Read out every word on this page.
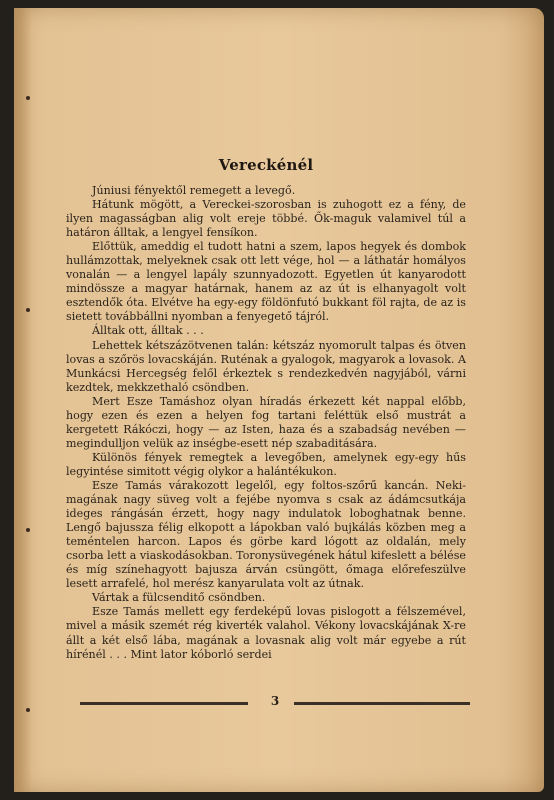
Vereckénél

Júniusi fényektől remegett a levegő.

Hátunk mögött, a Vereckei-szorosban is zuhogott ez a fény, de ilyen magasságban alig volt ereje többé. Ők-maguk valamivel túl a határon álltak, a lengyel fensíkon.

Előttük, ameddig el tudott hatni a szem, lapos hegyek és dombok hullámzottak, melyeknek csak ott lett vége, hol — a láthatár homályos vonalán — a lengyel lapály szunnyadozott. Egyetlen út kanyarodott mindössze a magyar határnak, hanem az az út is elhanyagolt volt esztendők óta. Elvétve ha egy-egy földönfutó bukkant föl rajta, de az is sietett továbbállni nyomban a fenyegető tájról.

Álltak ott, álltak . . .

Lehettek kétszázötvenen talán: kétszáz nyomorult talpas és ötven lovas a szőrös lovacskáján. Ruténak a gyalogok, magyarok a lovasok. A Munkácsi Hercegség felől érkeztek s rendezkedvén nagyjából, várni kezdtek, mekkzethaló csöndben.

Mert Esze Tamáshoz olyan híradás érkezett két nappal előbb, hogy ezen és ezen a helyen fog tartani feléttük első mustrát a kergetett Rákóczi, hogy — az Isten, haza és a szabadság nevében — megindulljon velük az inségbe-esett nép szabaditására.

Különös fények remegtek a levegőben, amelynek egy-egy hűs legyintése simitott végig olykor a halántékukon.

Esze Tamás várakozott legelől, egy foltos-szőrű kancán. Neki-magának nagy süveg volt a fejébe nyomva s csak az ádámcsutkája ideges rángásán érzett, hogy nagy indulatok loboghatnak benne. Lengő bajussza félig elkopott a lápokban való bujkálás közben meg a teméntelen harcon. Lapos és görbe kard lógott az oldalán, mely csorba lett a viaskodásokban. Toronysüvegének hátul kifeslett a bélése és míg színehagyott bajusza árván csüngött, őmaga előrefeszülve lesett arrafelé, hol merész kanyarulata volt az útnak.

Vártak a fülcsenditő csöndben.

Esze Tamás mellett egy ferdeképű lovas pislogott a félszemével, mivel a másik szemét rég kiverték valahol. Vékony lovacskájának X-re állt a két első lába, magának a lovasnak alig volt már egyebe a rút hírénél . . . Mint lator kóborló serdei

3
